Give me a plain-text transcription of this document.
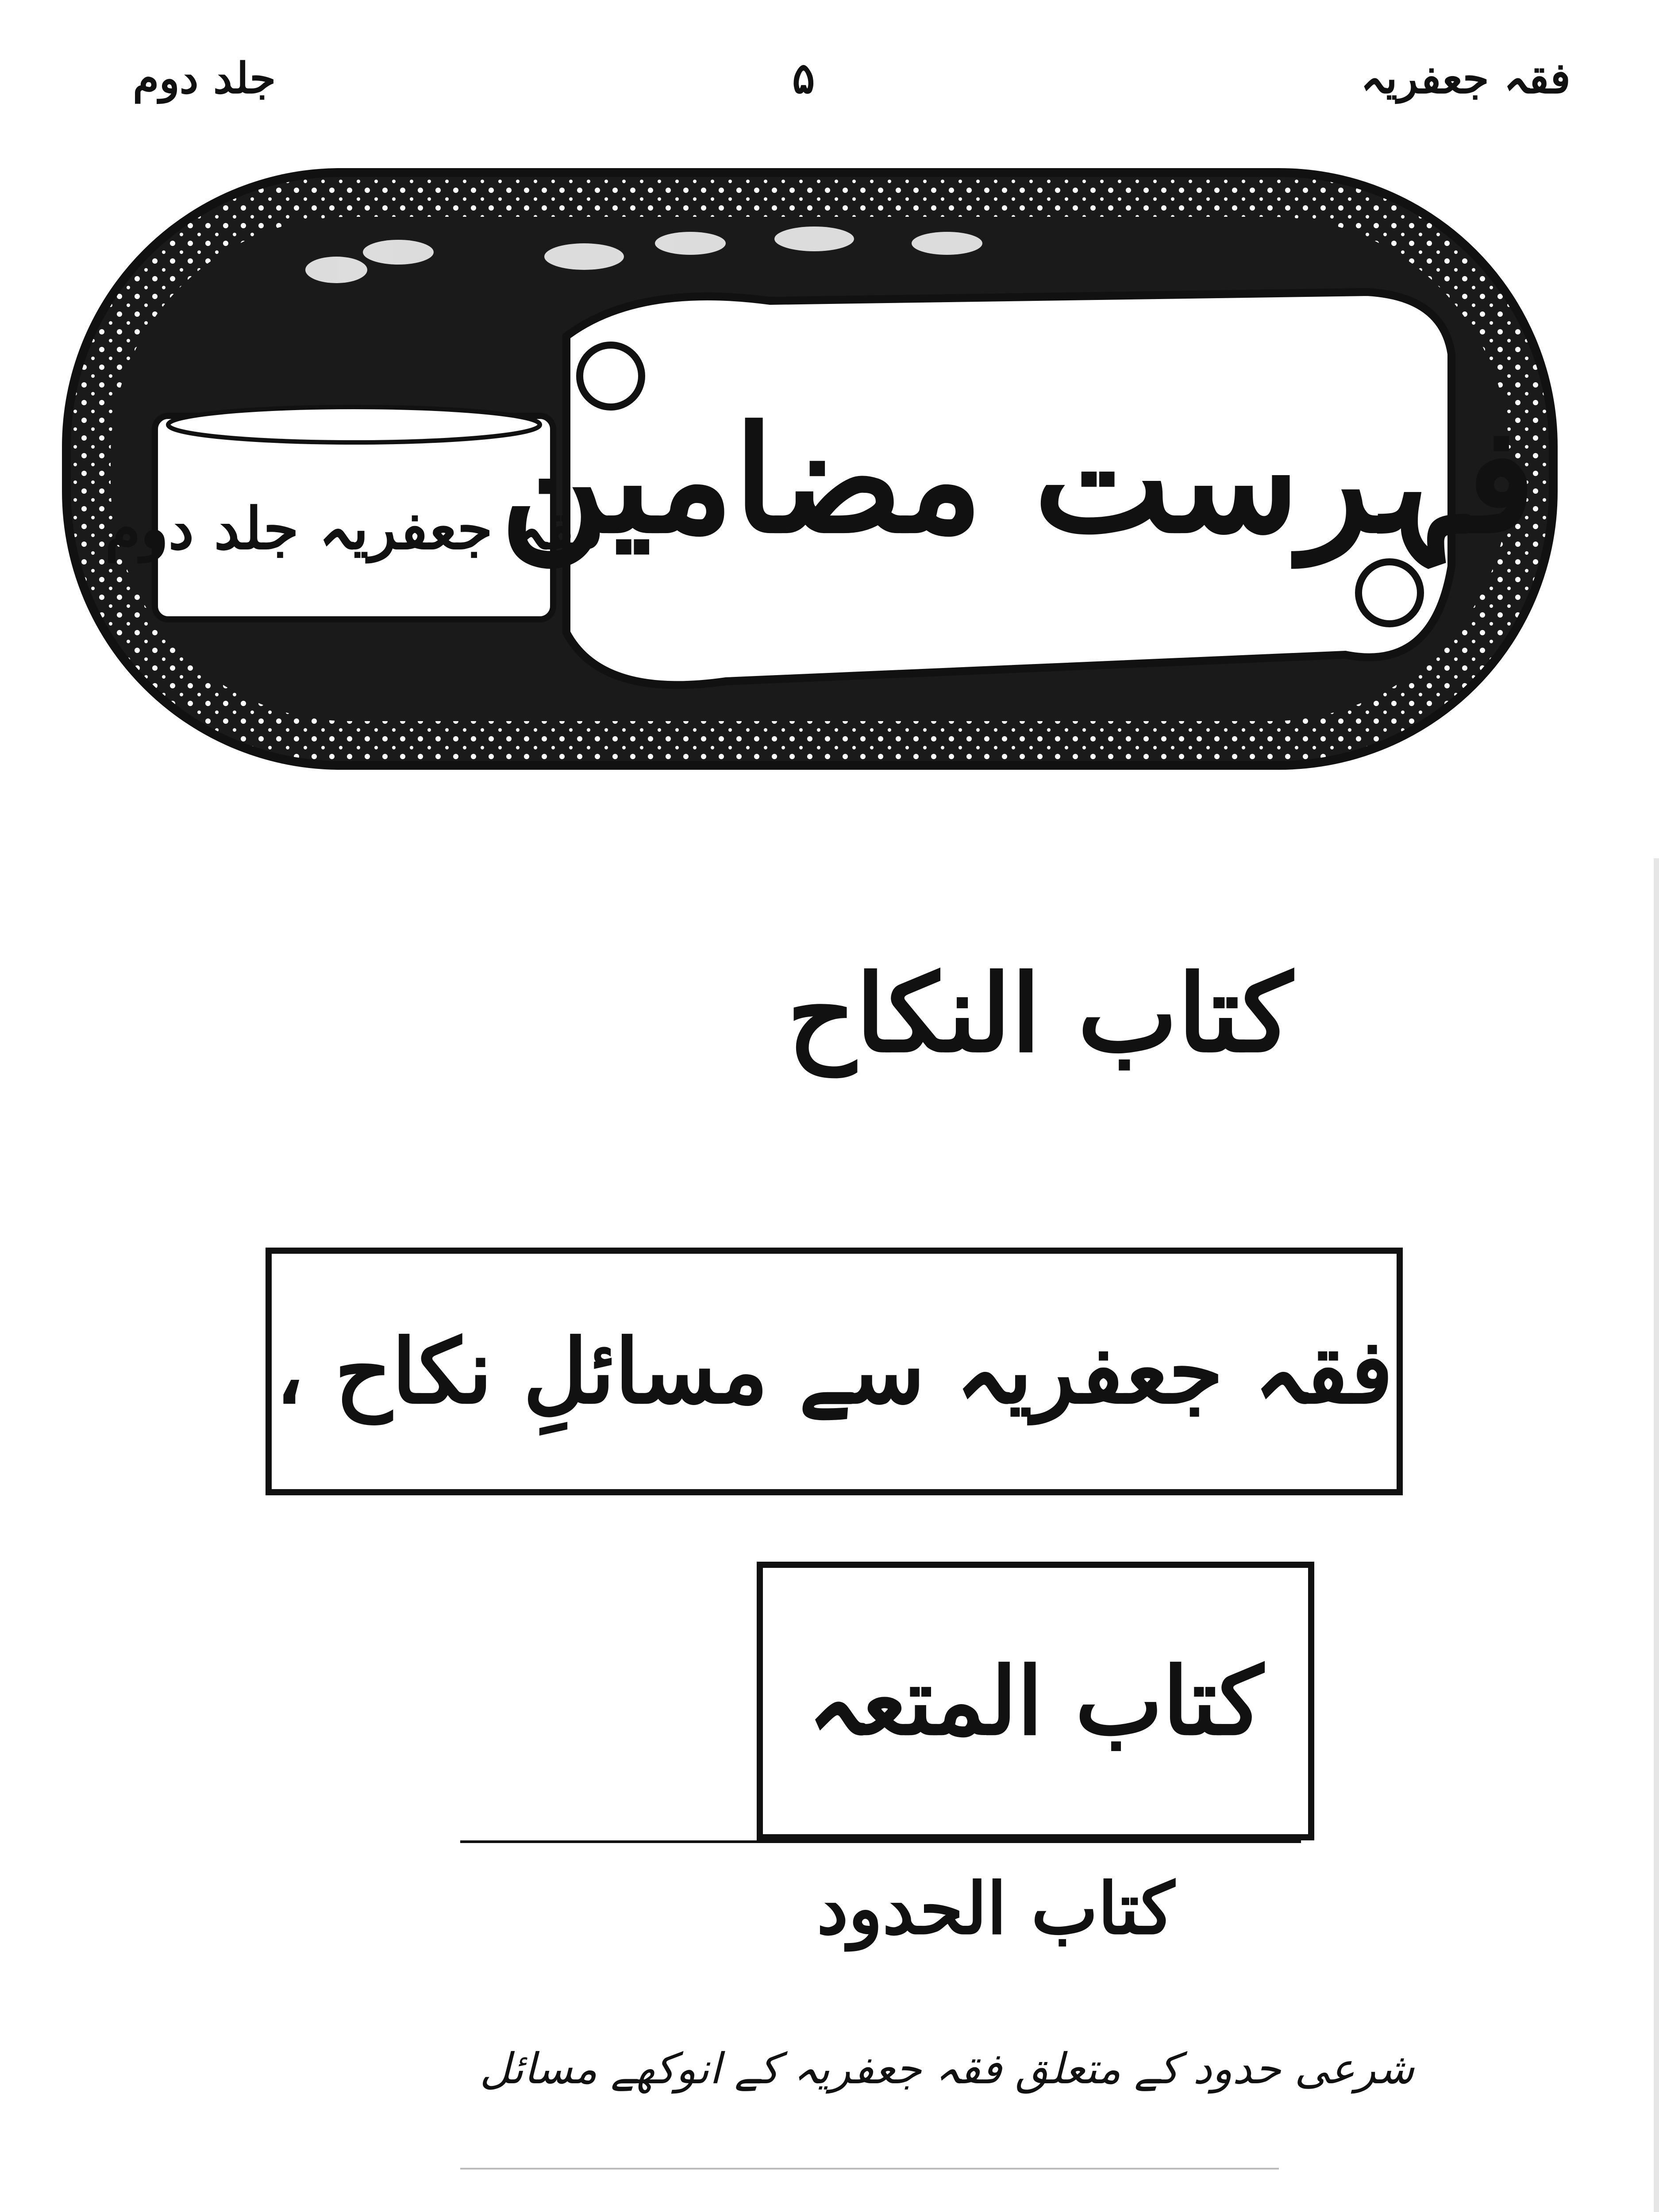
فقہ جعفریہ
۵
جلد دوم
فہرست مضامین
فقہ جعفریہ جلد دوم
کتاب النکاح
فقہ جعفریہ سے مسائلِ نکاح ،
کتاب المتعہ
کتاب الحدود
شرعی حدود کے متعلق فقہ جعفریہ کے انوکھے مسائل
